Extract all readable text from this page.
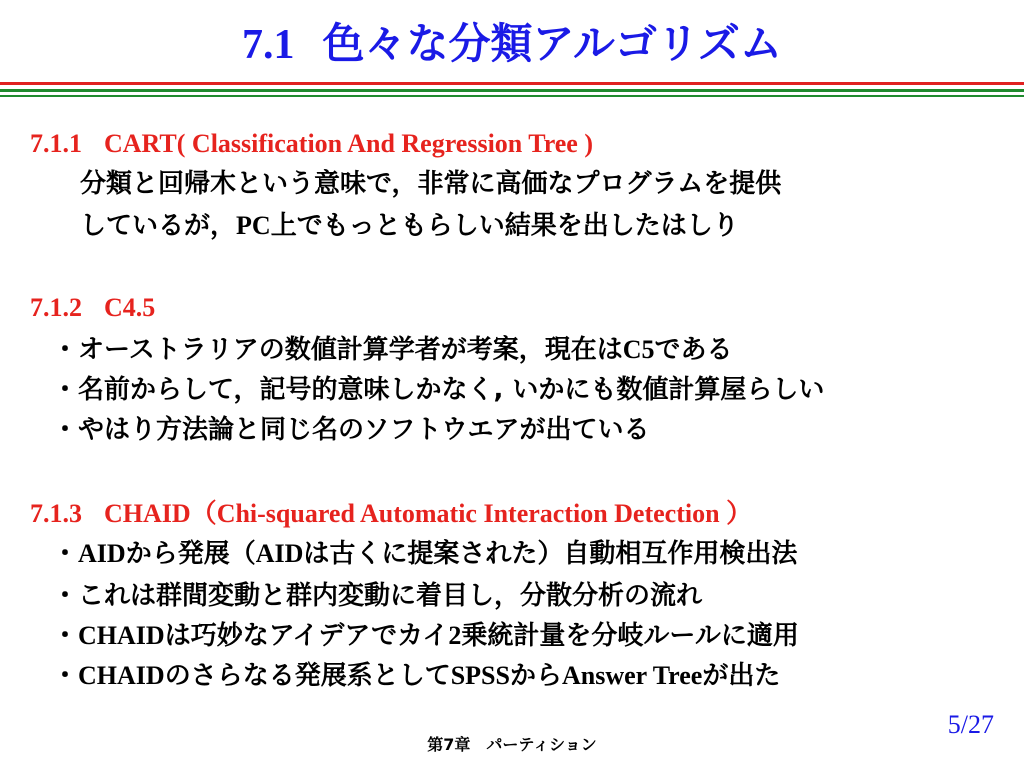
7.1 色々な分類アルゴリズム
7.1.1 CART( Classification And Regression Tree )
分類と回帰木という意味で，非常に高価なプログラムを提供
しているが，PC上でもっともらしい結果を出したはしり
7.1.2 C4.5
・オーストラリアの数値計算学者が考案，現在はC5である
・名前からして，記号的意味しかなく, いかにも数値計算屋らしい
・やはり方法論と同じ名のソフトウエアが出ている
7.1.3 CHAID（Chi-squared Automatic Interaction Detection ）
・AIDから発展（AIDは古くに提案された）自動相互作用検出法
・これは群間変動と群内変動に着目し，分散分析の流れ
・CHAIDは巧妙なアイデアでカイ2乗統計量を分岐ルールに適用
・CHAIDのさらなる発展系としてSPSSからAnswer Treeが出た
第7章　パーティション
5/27
